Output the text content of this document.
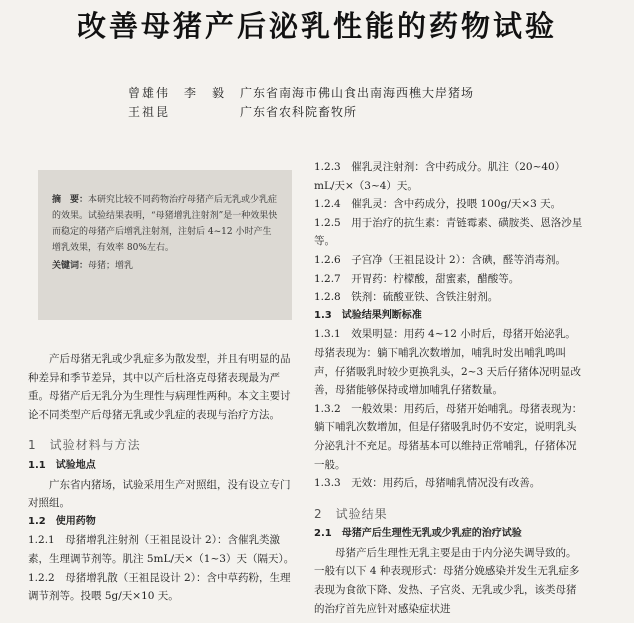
改善母猪产后泌乳性能的药物试验
曾雄伟　李　毅	广东省南海市佛山食出南海西樵大岸猪场
王祖昆	广东省农科院畜牧所
摘　要：本研究比较不同药物治疗母猪产后无乳或少乳症的效果。试验结果表明，“母猪增乳注射剂”是一种效果快而稳定的母猪产后增乳注射剂，注射后 4~12 小时产生增乳效果，有效率 80%左右。
关键词：母猪；增乳

产后母猪无乳或少乳症多为散发型，并且有明显的品种差异和季节差异，其中以产后杜洛克母猪表现最为严重。母猪产后无乳分为生理性与病理性两种。本文主要讨论不同类型产后母猪无乳或少乳症的表现与治疗方法。

1　试验材料与方法
1.1　试验地点

广东省内猪场，试验采用生产对照组，没有设立专门对照组。

1.2　使用药物

1.2.1　母猪增乳注射剂（王祖昆设计 2）：含催乳类激素，生理调节剂等。肌注 5mL/天×（1~3）天（隔天）。

1.2.2　母猪增乳散（王祖昆设计 2）：含中草药粉，生理调节剂等。投喂 5g/天×10 天。

1.2.3　催乳灵注射剂：含中药成分。肌注（20~40）mL/天×（3~4）天。

1.2.4　催乳灵：含中药成分，投喂 100g/天×3 天。

1.2.5　用于治疗的抗生素：青链霉素、磺胺类、恩洛沙星等。

1.2.6　子宫净（王祖昆设计 2）：含碘，醛等消毒剂。

1.2.7　开胃药：柠檬酸，甜蜜素，醋酸等。

1.2.8　铁剂：硫酸亚铁、含铁注射剂。

1.3　试验结果判断标准

1.3.1　效果明显：用药 4~12 小时后，母猪开始泌乳。母猪表现为：躺下哺乳次数增加，哺乳时发出哺乳鸣叫声，仔猪吸乳时较少更换乳头，2~3 天后仔猪体况明显改善，母猪能够保持或增加哺乳仔猪数量。

1.3.2　一般效果：用药后，母猪开始哺乳。母猪表现为：躺下哺乳次数增加，但是仔猪吸乳时仍不安定，说明乳头分泌乳汁不充足。母猪基本可以维持正常哺乳，仔猪体况一般。

1.3.3　无效：用药后，母猪哺乳情况没有改善。

2　试验结果
2.1　母猪产后生理性无乳或少乳症的治疗试验

母猪产后生理性无乳主要是由于内分泌失调导致的。一般有以下 4 种表现形式：母猪分娩感染并发生无乳症多表现为食欲下降、发热、子宫炎、无乳或少乳，该类母猪的治疗首先应针对感染症状进
